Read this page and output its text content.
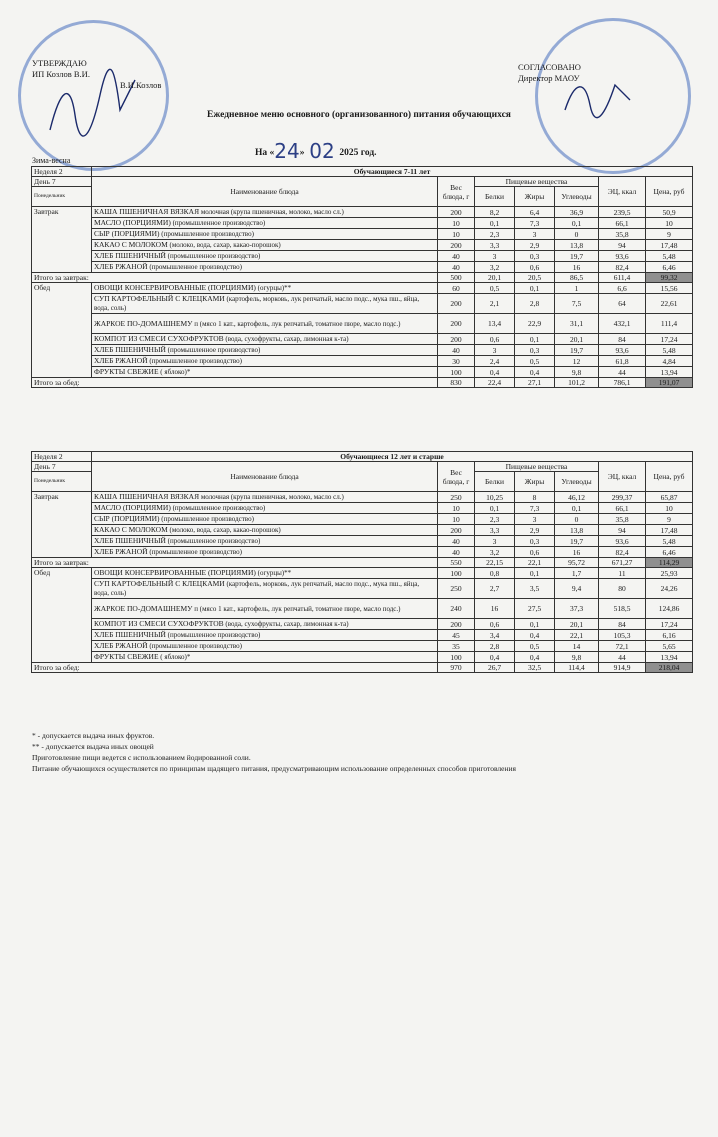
УТВЕРЖДАЮ
ИП Козлов В.И.
В.И.Козлов
СОГЛАСОВАНО
Директор МАОУ
Ежедневное меню основного (организованного) питания обучающихся
На «24» 02 2025 год.
Зима-весна
Неделя 2	Обучающиеся 7-11 лет						
День 7	Наименование блюда	Вес блюда, г	Пищевые вещества			ЭЦ, ккал	Цена, руб
Понедельник			Белки	Жиры	Углеводы		

Завтрак	КАША ПШЕНИЧНАЯ ВЯЗКАЯ молочная (крупа пшеничная, молоко, масло сл.)	200	8,2	6,4	36,9	239,5	50,9
	МАСЛО (ПОРЦИЯМИ) (промышленное производство)	10	0,1	7,3	0,1	66,1	10
	СЫР (ПОРЦИЯМИ) (промышленное производство)	10	2,3	3	0	35,8	9
	КАКАО С МОЛОКОМ (молоко, вода, сахар, какао-порошок)	200	3,3	2,9	13,8	94	17,48
	ХЛЕБ ПШЕНИЧНЫЙ (промышленное производство)	40	3	0,3	19,7	93,6	5,48
	ХЛЕБ РЖАНОЙ (промышленное производство)	40	3,2	0,6	16	82,4	6,46
Итого за завтрак:		500	20,1	20,5	86,5	611,4	99,32
Обед	ОВОЩИ КОНСЕРВИРОВАННЫЕ (ПОРЦИЯМИ) (огурцы)**	60	0,5	0,1	1	6,6	15,56
	СУП КАРТОФЕЛЬНЫЙ С КЛЕЦКАМИ (картофель, морковь, лук репчатый, масло подс., мука пш., яйца, вода, соль)	200	2,1	2,8	7,5	64	22,61
	ЖАРКОЕ ПО-ДОМАШНЕМУ п (мясо 1 кат., картофель, лук репчатый, томатное пюре, масло подс.)	200	13,4	22,9	31,1	432,1	111,4
	КОМПОТ ИЗ СМЕСИ СУХОФРУКТОВ (вода, сухофрукты, сахар, лимонная к-та)	200	0,6	0,1	20,1	84	17,24
	ХЛЕБ ПШЕНИЧНЫЙ (промышленное производство)	40	3	0,3	19,7	93,6	5,48
	ХЛЕБ РЖАНОЙ (промышленное производство)	30	2,4	0,5	12	61,8	4,84
	ФРУКТЫ СВЕЖИЕ ( яблоко)*	100	0,4	0,4	9,8	44	13,94
Итого за обед:		830	22,4	27,1	101,2	786,1	191,07
Неделя 2	Обучающиеся 12 лет и старше						
День 7	Наименование блюда	Вес блюда, г	Пищевые вещества			ЭЦ, ккал	Цена, руб
Понедельник			Белки	Жиры	Углеводы		

Завтрак	КАША ПШЕНИЧНАЯ ВЯЗКАЯ молочная (крупа пшеничная, молоко, масло сл.)	250	10,25	8	46,12	299,37	65,87
	МАСЛО (ПОРЦИЯМИ) (промышленное производство)	10	0,1	7,3	0,1	66,1	10
	СЫР (ПОРЦИЯМИ) (промышленное производство)	10	2,3	3	0	35,8	9
	КАКАО С МОЛОКОМ (молоко, вода, сахар, какао-порошок)	200	3,3	2,9	13,8	94	17,48
	ХЛЕБ ПШЕНИЧНЫЙ (промышленное производство)	40	3	0,3	19,7	93,6	5,48
	ХЛЕБ РЖАНОЙ (промышленное производство)	40	3,2	0,6	16	82,4	6,46
Итого за завтрак:		550	22,15	22,1	95,72	671,27	114,29
Обед	ОВОЩИ КОНСЕРВИРОВАННЫЕ (ПОРЦИЯМИ) (огурцы)**	100	0,8	0,1	1,7	11	25,93
	СУП КАРТОФЕЛЬНЫЙ С КЛЕЦКАМИ (картофель, морковь, лук репчатый, масло подс., мука пш., яйца, вода, соль)	250	2,7	3,5	9,4	80	24,26
	ЖАРКОЕ ПО-ДОМАШНЕМУ п (мясо 1 кат., картофель, лук репчатый, томатное пюре, масло подс.)	240	16	27,5	37,3	518,5	124,86
	КОМПОТ ИЗ СМЕСИ СУХОФРУКТОВ (вода, сухофрукты, сахар, лимонная к-та)	200	0,6	0,1	20,1	84	17,24
	ХЛЕБ ПШЕНИЧНЫЙ (промышленное производство)	45	3,4	0,4	22,1	105,3	6,16
	ХЛЕБ РЖАНОЙ (промышленное производство)	35	2,8	0,5	14	72,1	5,65
	ФРУКТЫ СВЕЖИЕ ( яблоко)*	100	0,4	0,4	9,8	44	13,94
Итого за обед:		970	26,7	32,5	114,4	914,9	218,04
* - допускается выдача иных фруктов.
** - допускается выдача иных овощей
Приготовление пищи ведется с использованием йодированной соли.
Питание обучающихся осуществляется по принципам щадящего питания, предусматривающим использование определенных способов приготовления
